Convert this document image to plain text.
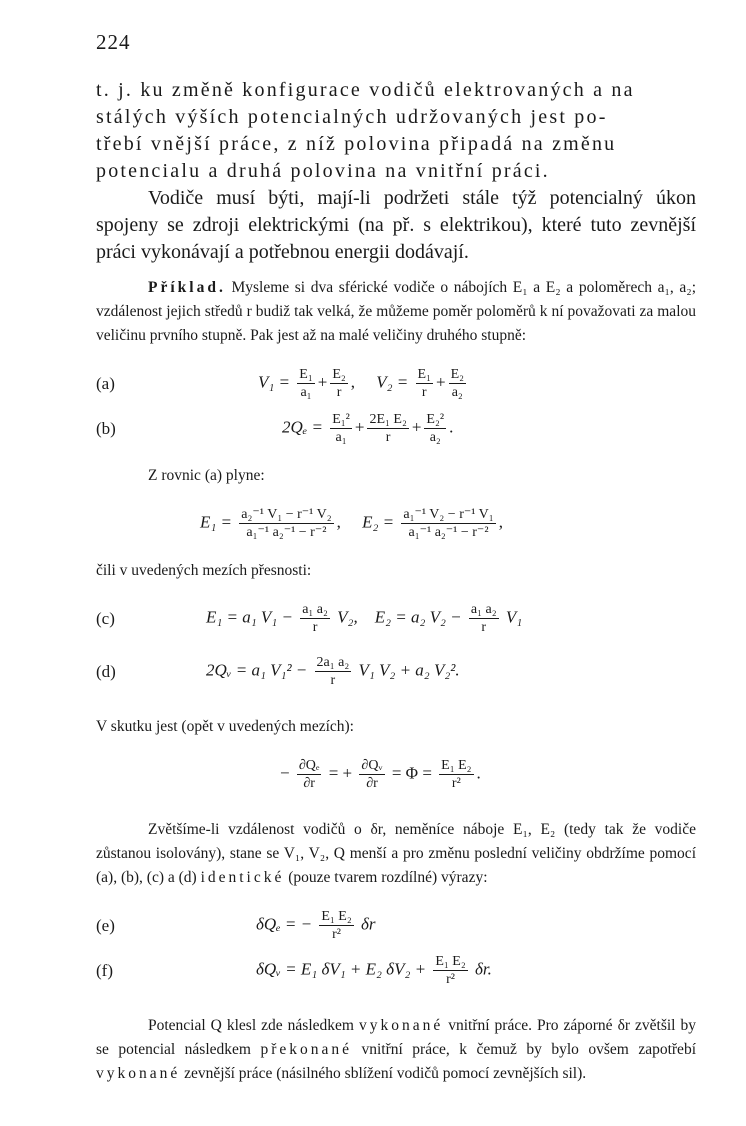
224

t. j. ku změně konfigurace vodičů elektrovaných a na

stálých výších potencialných udržovaných jest po-

třebí vnější práce, z níž polovina připadá na změnu

potencialu a druhá polovina na vnitřní práci.

Vodiče musí býti, mají-li podržeti stále týž potencialný úkon spojeny se zdroji elektrickými (na př. s elektrikou), které tuto zevnější práci vykonávají a potřebnou energii dodávají.

Příklad. Mysleme si dva sférické vodiče o nábojích E₁ a E₂ a poloměrech a₁, a₂; vzdálenost jejich středů r budiž tak velká, že můžeme poměr poloměrů k ní považovati za malou veličinu prvního stupně. Pak jest až na malé veličiny druhého stupně:

(a)	$V_1 = \frac{\text{E₁}}{\text{a₁}} + \frac{\text{E₂}}{r}$ ,     $V_2 = \frac{\text{E₁}}{r} + \frac{\text{E₂}}{\text{a₂}}$
(b)	$2Q_e = \frac{\text{E₁²}}{\text{a₁}} + \frac{\text{2E₁ E₂}}{r} + \frac{\text{E₂²}}{\text{a₂}}$ .

Z rovnic (a) plyne:

$E_1 = \frac{\text{a₂⁻¹ V₁ − r⁻¹ V₂}}{\text{a₁⁻¹ a₂⁻¹ − r⁻²}}$ ,     $E_2 = \frac{\text{a₁⁻¹ V₂ − r⁻¹ V₁}}{\text{a₁⁻¹ a₂⁻¹ − r⁻²}}$ ,

čili v uvedených mezích přesnosti:

(c)	E₁ = a₁ $V_1 - \frac{\text{a₁ a₂}}{r} V_2$, E₂ = a₂ $V_2 - \frac{\text{a₁ a₂}}{r} V_1$
(d)	2Qᵥ = a₁ $V_1^2 - \frac{\text{2a₁ a₂}}{r} V_1$ V₂ + a₂ V₂².

V skutku jest (opět v uvedených mezích):

− $\frac{\text{∂Qₑ}}{\partial r}$ = + $\frac{\text{∂Qᵥ}}{\partial r} = \Phi = \frac{\text{E₁ E₂}}{\text{r²}}$ .

Zvětšíme-li vzdálenost vodičů o δr, neměníce náboje E₁, E₂ (tedy tak že vodiče zůstanou isolovány), stane se V₁, V₂, Q menší a pro změnu poslední veličiny obdržíme pomocí (a), (b), (c) a (d) identické (pouze tvarem rozdílné) výrazy:

(e)	δQₑ = − $\frac{\text{E₁ E₂}}{\text{r²}}$ δr
(f)	δQᵥ = E₁ δV₁ + E₂ $\delta V_2 + \frac{\text{E₁ E₂}}{\text{r²}} \delta r$.

Potencial Q klesl zde následkem vykonané vnitřní práce. Pro záporné δr zvětšil by se potencial následkem překonané vnitřní práce, k čemuž by bylo ovšem zapotřebí vykonané zevnější práce (násilného sblížení vodičů pomocí zevnějších sil).
